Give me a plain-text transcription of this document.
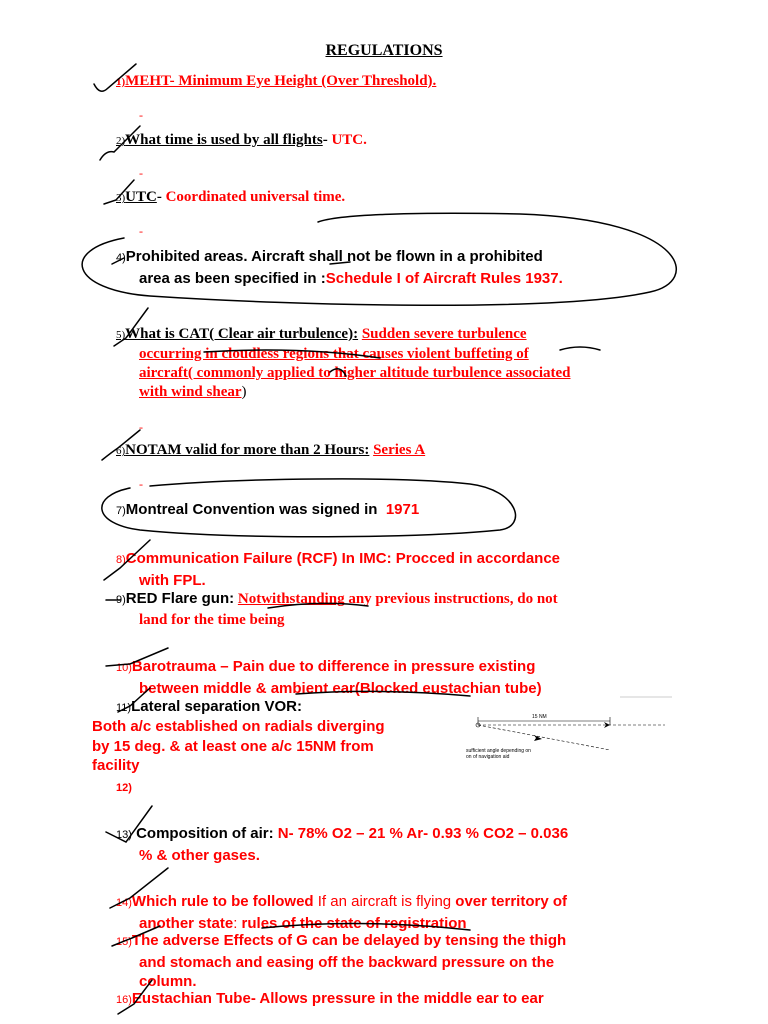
REGULATIONS
1)MEHT- Minimum Eye Height (Over Threshold).
-
2)What time is used by all flights- UTC.
-
3)UTC- Coordinated universal time.
-
4)Prohibited areas. Aircraft shall not be flown in a prohibited
area as been specified in :Schedule I of Aircraft Rules 1937.
5)What is CAT( Clear air turbulence): Sudden severe turbulence
occurring in cloudless regions that causes violent buffeting of
aircraft( commonly applied to higher altitude turbulence associated
with wind shear)
-
6)NOTAM valid for more than 2 Hours: Series A
-
7)Montreal Convention was signed in 1971
8)Communication Failure (RCF) In IMC: Procced in accordance
with FPL.
9)RED Flare gun: Notwithstanding any previous instructions, do not
land for the time being
10)Barotrauma – Pain due to difference in pressure existing
between middle & ambient ear(Blocked eustachian tube)
11)Lateral separation VOR:
Both a/c established on radials diverging
by 15 deg. & at least one a/c 15NM from
facility
15 NM
sufficient angle depending on
on of navigation aid
12)
13) Composition of air: N- 78% O2 – 21 % Ar- 0.93 % CO2 – 0.036
% & other gases.
14)Which rule to be followed If an aircraft is flying over territory of
another state: rules of the state of registration
15)The adverse Effects of G can be delayed by tensing the thigh
and stomach and easing off the backward pressure on the
column.
16)Eustachian Tube- Allows pressure in the middle ear to ear
